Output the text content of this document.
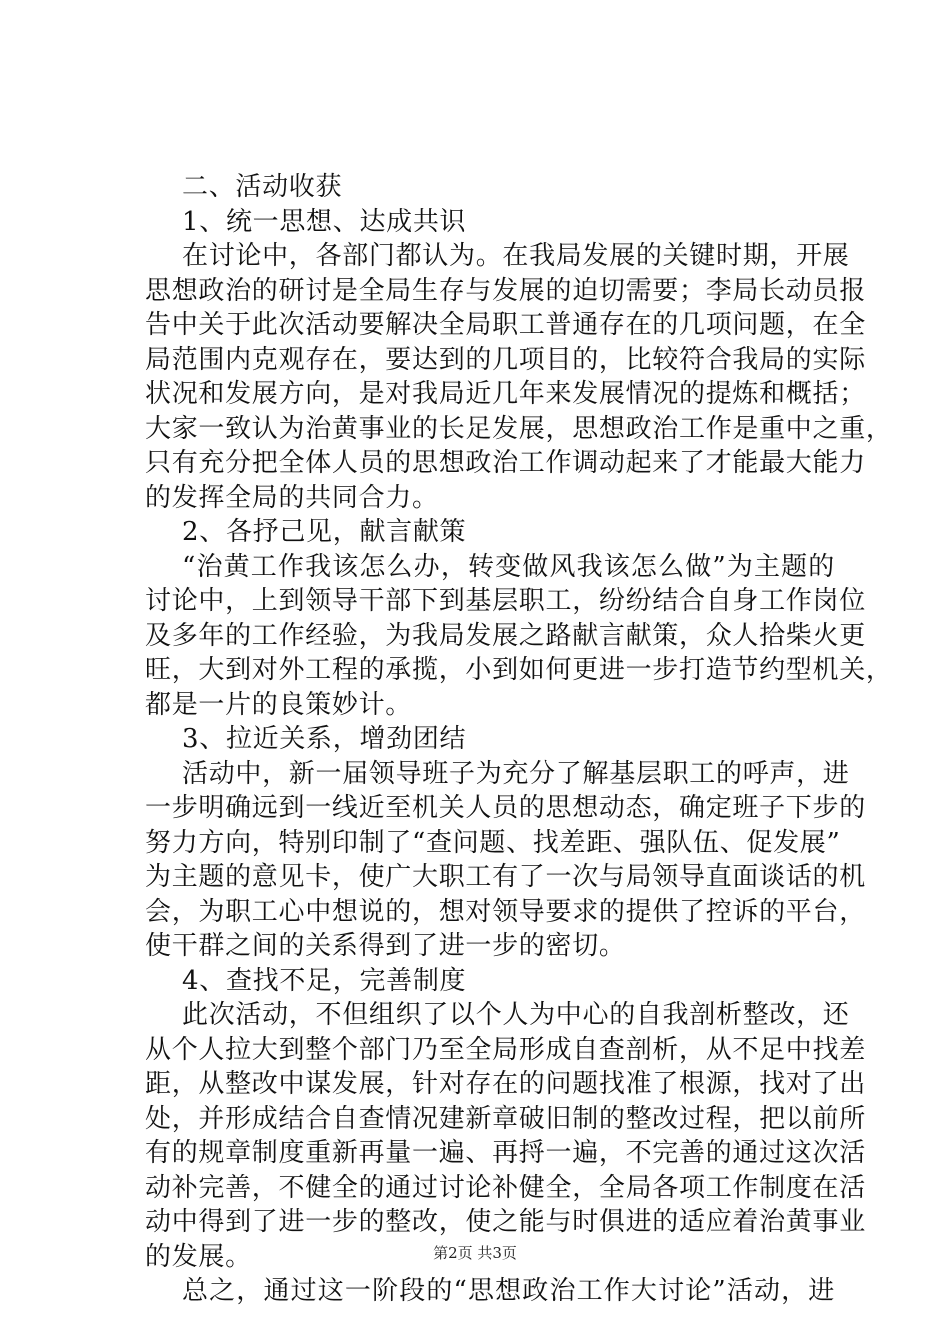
二、活动收获
1、统一思想、达成共识
在讨论中，各部门都认为。在我局发展的关键时期，开展
思想政治的研讨是全局生存与发展的迫切需要；李局长动员报
告中关于此次活动要解决全局职工普通存在的几项问题，在全
局范围内克观存在，要达到的几项目的，比较符合我局的实际
状况和发展方向，是对我局近几年来发展情况的提炼和概括；
大家一致认为治黄事业的长足发展，思想政治工作是重中之重，
只有充分把全体人员的思想政治工作调动起来了才能最大能力
的发挥全局的共同合力。
2、各抒己见，献言献策
“治黄工作我该怎么办，转变做风我该怎么做”为主题的
讨论中，上到领导干部下到基层职工，纷纷结合自身工作岗位
及多年的工作经验，为我局发展之路献言献策，众人拾柴火更
旺，大到对外工程的承揽，小到如何更进一步打造节约型机关，
都是一片的良策妙计。
3、拉近关系，增劲团结
活动中，新一届领导班子为充分了解基层职工的呼声，进
一步明确远到一线近至机关人员的思想动态，确定班子下步的
努力方向，特别印制了“查问题、找差距、强队伍、促发展”
为主题的意见卡，使广大职工有了一次与局领导直面谈话的机
会，为职工心中想说的，想对领导要求的提供了控诉的平台，
使干群之间的关系得到了进一步的密切。
4、查找不足，完善制度
此次活动，不但组织了以个人为中心的自我剖析整改，还
从个人拉大到整个部门乃至全局形成自查剖析，从不足中找差
距，从整改中谋发展，针对存在的问题找准了根源，找对了出
处，并形成结合自查情况建新章破旧制的整改过程，把以前所
有的规章制度重新再量一遍、再捋一遍，不完善的通过这次活
动补完善，不健全的通过讨论补健全，全局各项工作制度在活
动中得到了进一步的整改，使之能与时俱进的适应着治黄事业
的发展。
总之，通过这一阶段的“思想政治工作大讨论”活动，进
第2页 共3页
